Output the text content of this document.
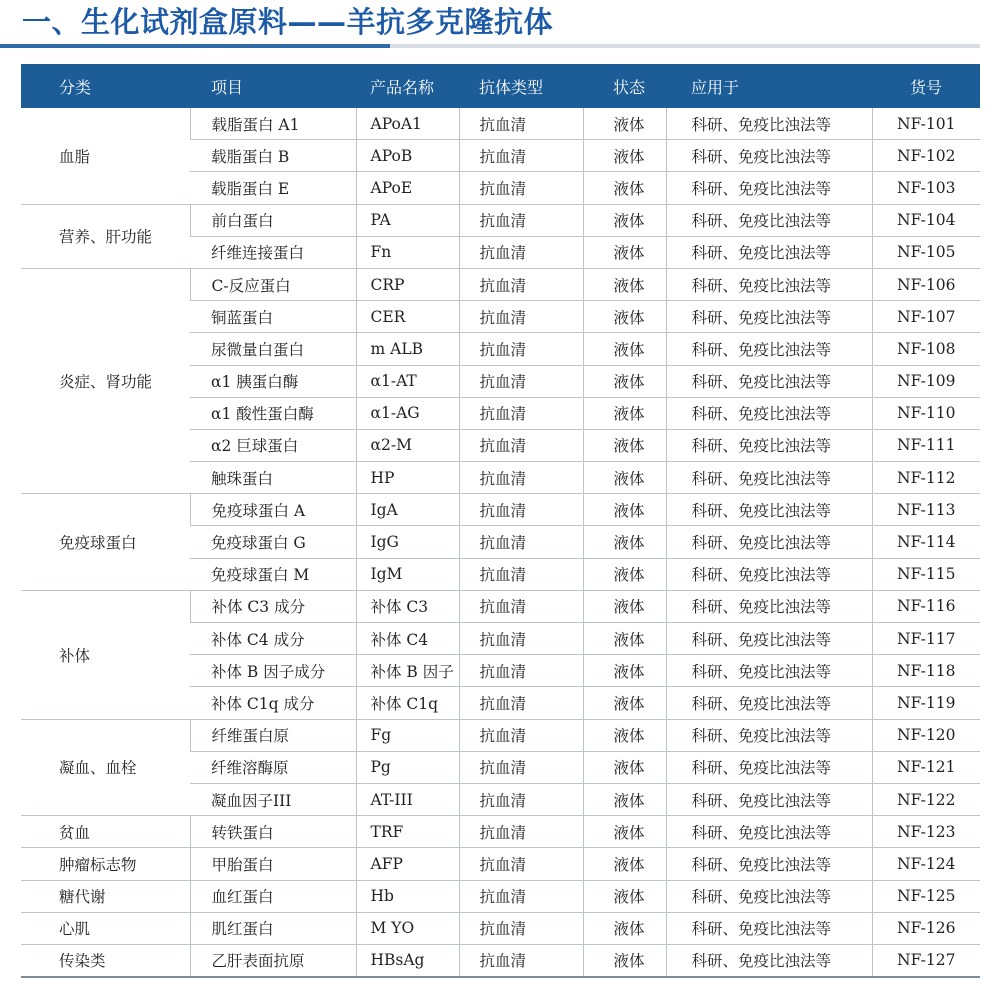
一、生化试剂盒原料——羊抗多克隆抗体
分类	项目	产品名称	抗体类型	状态	应用于	货号
血脂	载脂蛋白 A1	APoA1	抗血清	液体	科研、免疫比浊法等	NF-101
	载脂蛋白 B	APoB	抗血清	液体	科研、免疫比浊法等	NF-102
	载脂蛋白 E	APoE	抗血清	液体	科研、免疫比浊法等	NF-103
营养、肝功能	前白蛋白	PA	抗血清	液体	科研、免疫比浊法等	NF-104
	纤维连接蛋白	Fn	抗血清	液体	科研、免疫比浊法等	NF-105
炎症、肾功能	C-反应蛋白	CRP	抗血清	液体	科研、免疫比浊法等	NF-106
	铜蓝蛋白	CER	抗血清	液体	科研、免疫比浊法等	NF-107
	尿微量白蛋白	m ALB	抗血清	液体	科研、免疫比浊法等	NF-108
	α1 胰蛋白酶	α1-AT	抗血清	液体	科研、免疫比浊法等	NF-109
	α1 酸性蛋白酶	α1-AG	抗血清	液体	科研、免疫比浊法等	NF-110
	α2 巨球蛋白	α2-M	抗血清	液体	科研、免疫比浊法等	NF-111
	触珠蛋白	HP	抗血清	液体	科研、免疫比浊法等	NF-112
免疫球蛋白	免疫球蛋白 A	IgA	抗血清	液体	科研、免疫比浊法等	NF-113
	免疫球蛋白 G	IgG	抗血清	液体	科研、免疫比浊法等	NF-114
	免疫球蛋白 M	IgM	抗血清	液体	科研、免疫比浊法等	NF-115
补体	补体 C3 成分	补体 C3	抗血清	液体	科研、免疫比浊法等	NF-116
	补体 C4 成分	补体 C4	抗血清	液体	科研、免疫比浊法等	NF-117
	补体 B 因子成分	补体 B 因子	抗血清	液体	科研、免疫比浊法等	NF-118
	补体 C1q 成分	补体 C1q	抗血清	液体	科研、免疫比浊法等	NF-119
凝血、血栓	纤维蛋白原	Fg	抗血清	液体	科研、免疫比浊法等	NF-120
	纤维溶酶原	Pg	抗血清	液体	科研、免疫比浊法等	NF-121
	凝血因子III	AT-III	抗血清	液体	科研、免疫比浊法等	NF-122
贫血	转铁蛋白	TRF	抗血清	液体	科研、免疫比浊法等	NF-123
肿瘤标志物	甲胎蛋白	AFP	抗血清	液体	科研、免疫比浊法等	NF-124
糖代谢	血红蛋白	Hb	抗血清	液体	科研、免疫比浊法等	NF-125
心肌	肌红蛋白	M YO	抗血清	液体	科研、免疫比浊法等	NF-126
传染类	乙肝表面抗原	HBsAg	抗血清	液体	科研、免疫比浊法等	NF-127
